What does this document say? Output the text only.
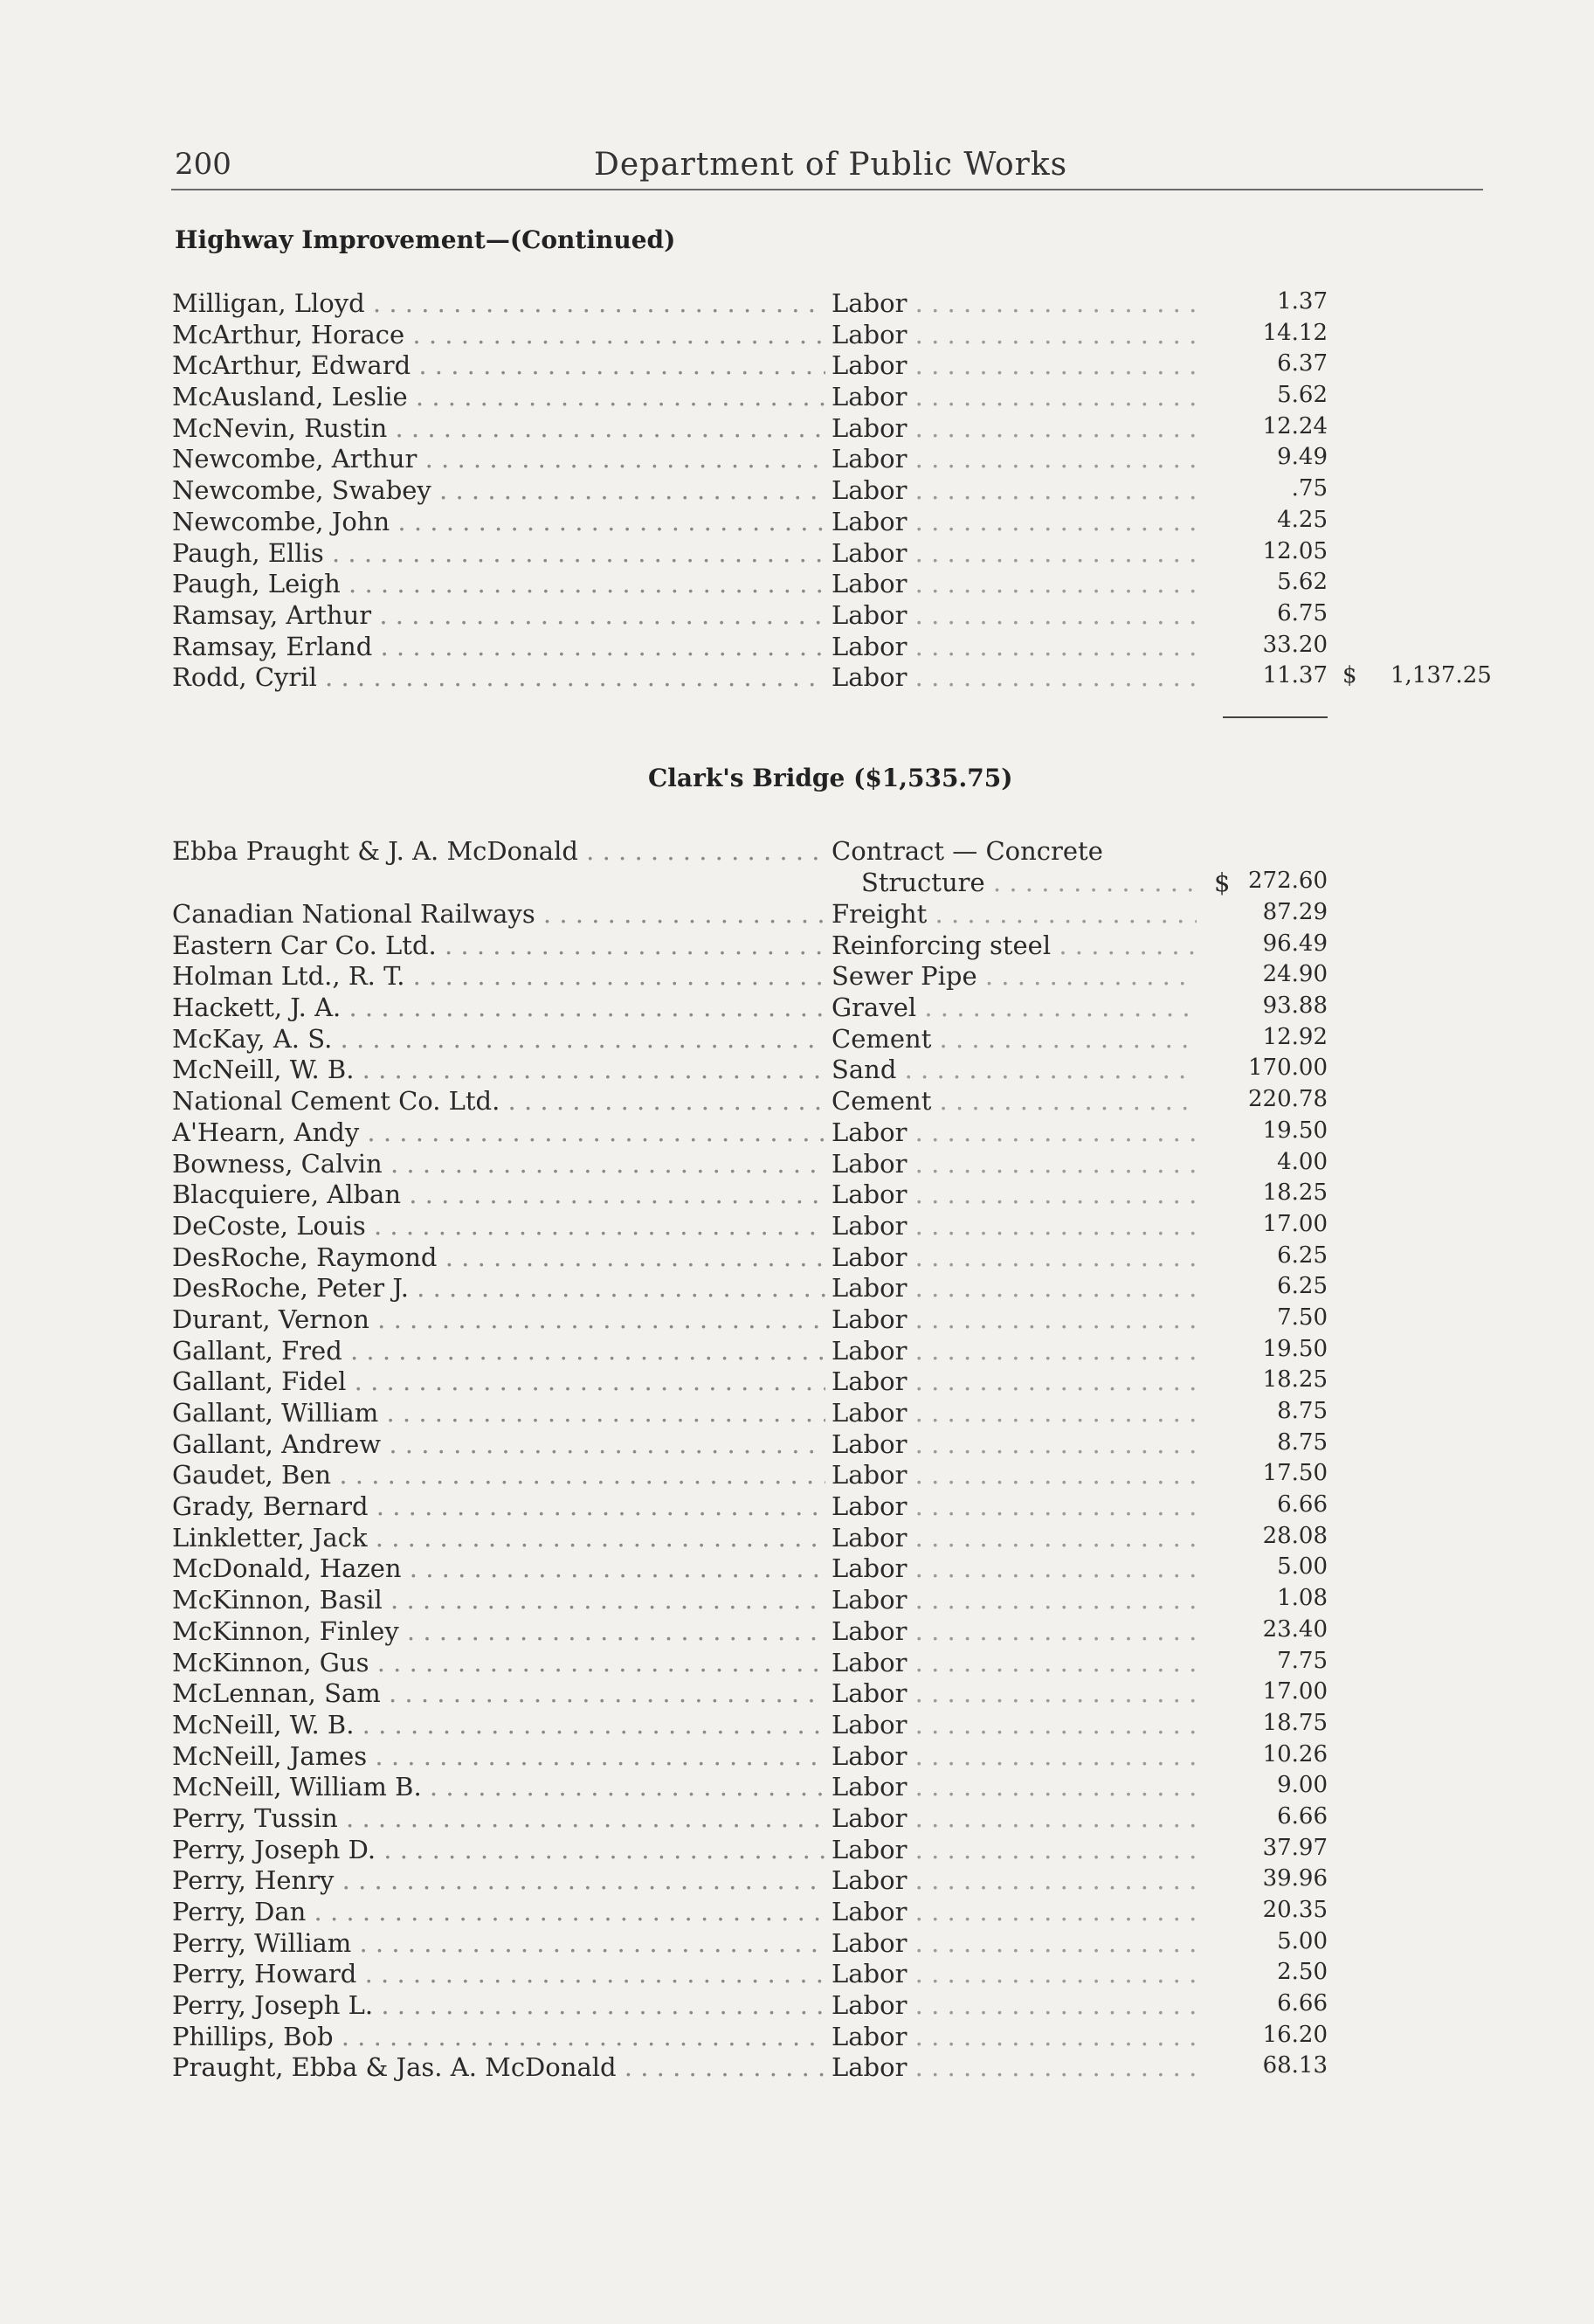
200	Department of Public Works
Highway Improvement—(Continued)
Milligan, Lloyd . . .	Labor . . .	1.37
McArthur, Horace . . .	Labor . . .	14.12
McArthur, Edward . . .	Labor . . .	6.37
McAusland, Leslie . . .	Labor . . .	5.62
McNevin, Rustin . . .	Labor . . .	12.24
Newcombe, Arthur . . .	Labor . . .	9.49
Newcombe, Swabey . . .	Labor . . .	.75
Newcombe, John . . .	Labor . . .	4.25
Paugh, Ellis . . .	Labor . . .	12.05
Paugh, Leigh . . .	Labor . . .	5.62
Ramsay, Arthur . . .	Labor . . .	6.75
Ramsay, Erland . . .	Labor . . .	33.20
Rodd, Cyril . . .	Labor . . .	11.37 $ 1,137.25
Clark's Bridge ($1,535.75)
Ebba Praught & J. A. McDonald . . .	Contract — Concrete
Structure . . .	$ 272.60
Canadian National Railways . . .	Freight . . .	87.29
Eastern Car Co. Ltd. . . .	Reinforcing steel . . .	96.49
Holman Ltd., R. T. . . .	Sewer Pipe . . .	24.90
Hackett, J. A. . . .	Gravel . . .	93.88
McKay, A. S. . . .	Cement . . .	12.92
McNeill, W. B. . . .	Sand . . .	170.00
National Cement Co. Ltd. . . .	Cement . . .	220.78
A'Hearn, Andy . . .	Labor . . .	19.50
Bowness, Calvin . . .	Labor . . .	4.00
Blacquiere, Alban . . .	Labor . . .	18.25
DeCoste, Louis . . .	Labor . . .	17.00
DesRoche, Raymond . . .	Labor . . .	6.25
DesRoche, Peter J. . . .	Labor . . .	6.25
Durant, Vernon . . .	Labor . . .	7.50
Gallant, Fred . . .	Labor . . .	19.50
Gallant, Fidel . . .	Labor . . .	18.25
Gallant, William . . .	Labor . . .	8.75
Gallant, Andrew . . .	Labor . . .	8.75
Gaudet, Ben . . .	Labor . . .	17.50
Grady, Bernard . . .	Labor . . .	6.66
Linkletter, Jack . . .	Labor . . .	28.08
McDonald, Hazen . . .	Labor . . .	5.00
McKinnon, Basil . . .	Labor . . .	1.08
McKinnon, Finley . . .	Labor . . .	23.40
McKinnon, Gus . . .	Labor . . .	7.75
McLennan, Sam . . .	Labor . . .	17.00
McNeill, W. B. . . .	Labor . . .	18.75
McNeill, James . . .	Labor . . .	10.26
McNeill, William B. . . .	Labor . . .	9.00
Perry, Tussin . . .	Labor . . .	6.66
Perry, Joseph D. . . .	Labor . . .	37.97
Perry, Henry . . .	Labor . . .	39.96
Perry, Dan . . .	Labor . . .	20.35
Perry, William . . .	Labor . . .	5.00
Perry, Howard . . .	Labor . . .	2.50
Perry, Joseph L. . . .	Labor . . .	6.66
Phillips, Bob . . .	Labor . . .	16.20
Praught, Ebba & Jas. A. McDonald . . .	Labor . . .	68.13
